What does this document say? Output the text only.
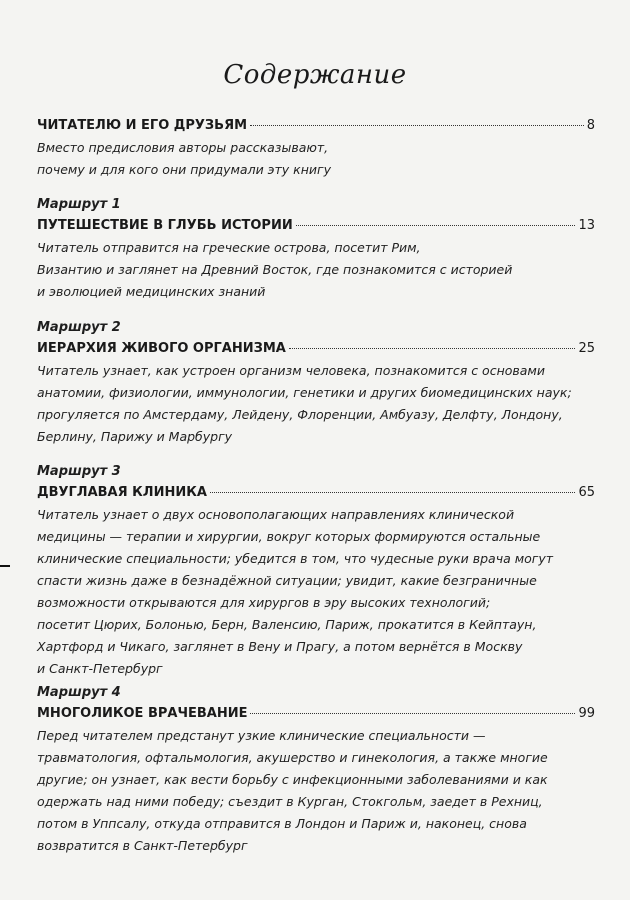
Содержание
ЧИТАТЕЛЮ И ЕГО ДРУЗЬЯМ	8
Вместо предисловия авторы рассказывают,
почему и для кого они придумали эту книгу
Маршрут 1
ПУТЕШЕСТВИЕ В ГЛУБЬ ИСТОРИИ	13
Читатель отправится на греческие острова, посетит Рим,
Византию и заглянет на Древний Восток, где познакомится с историей
и эволюцией медицинских знаний
Маршрут 2
ИЕРАРХИЯ ЖИВОГО ОРГАНИЗМА	25
Читатель узнает, как устроен организм человека, познакомится с основами
анатомии, физиологии, иммунологии, генетики и других биомедицинских наук;
прогуляется по Амстердаму, Лейдену, Флоренции, Амбуазу, Делфту, Лондону,
Берлину, Парижу и Марбургу
Маршрут 3
ДВУГЛАВАЯ КЛИНИКА	65
Читатель узнает о двух основополагающих направлениях клинической
медицины — терапии и хирургии, вокруг которых формируются остальные
клинические специальности; убедится в том, что чудесные руки врача могут
спасти жизнь даже в безнадёжной ситуации; увидит, какие безграничные
возможности открываются для хирургов в эру высоких технологий;
посетит Цюрих, Болонью, Берн, Валенсию, Париж, прокатится в Кейптаун,
Хартфорд и Чикаго, заглянет в Вену и Прагу, а потом вернётся в Москву
и Санкт-Петербург
Маршрут 4
МНОГОЛИКОЕ ВРАЧЕВАНИЕ	99
Перед читателем предстанут узкие клинические специальности —
травматология, офтальмология, акушерство и гинекология, а также многие
другие; он узнает, как вести борьбу с инфекционными заболеваниями и как
одержать над ними победу; съездит в Курган, Стокгольм, заедет в Рехниц,
потом в Уппсалу, откуда отправится в Лондон и Париж и, наконец, снова
возвратится в Санкт-Петербург
